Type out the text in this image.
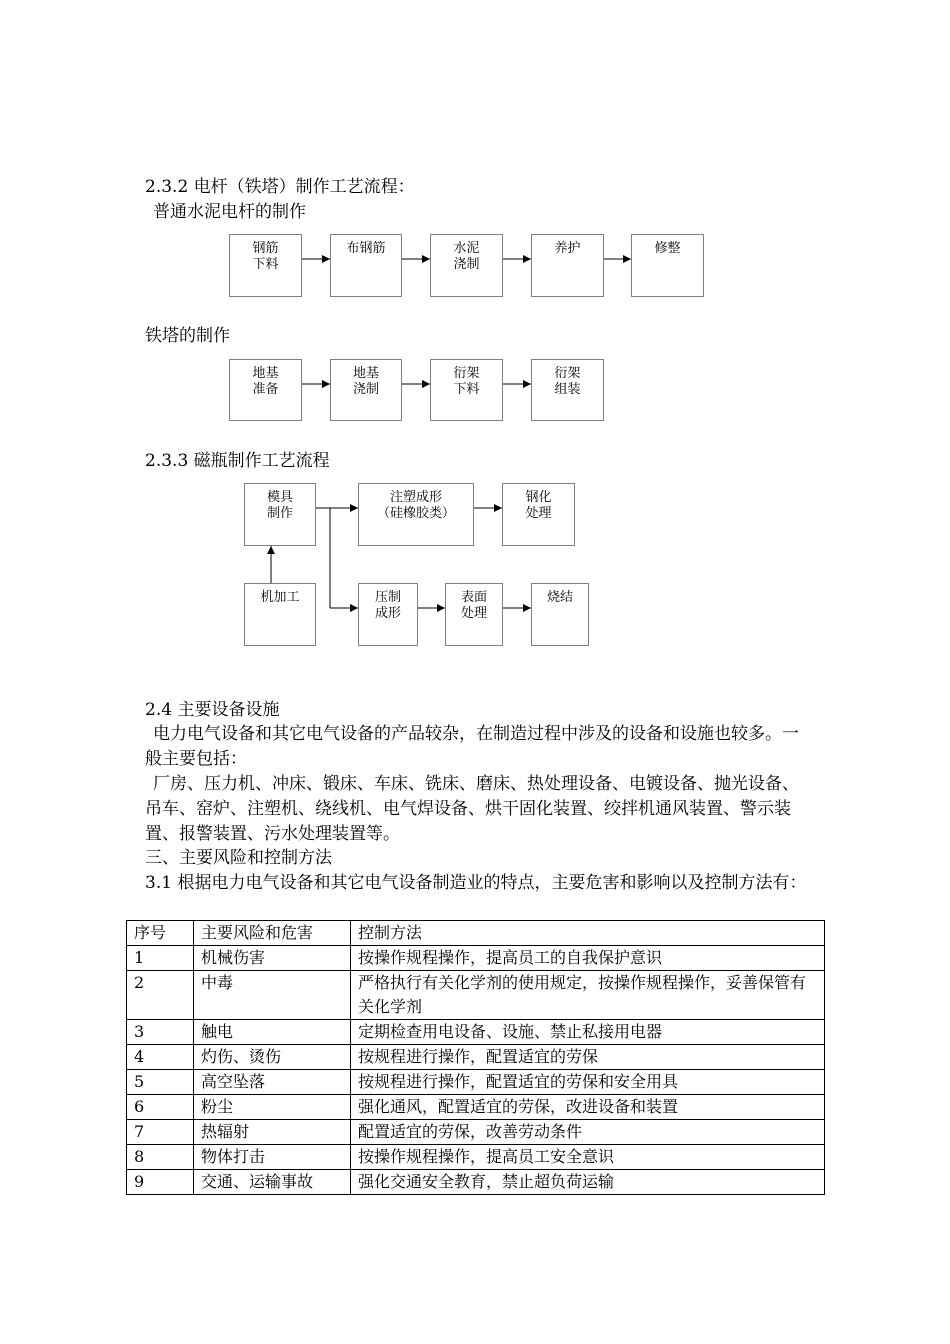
2.3.2 电杆（铁塔）制作工艺流程：
普通水泥电杆的制作
钢筋
下料
布钢筋	水泥
浇制
养护	修整
铁塔的制作
地基
准备
地基
浇制
衍架
下料
衍架
组装
2.3.3 磁瓶制作工艺流程
模具
制作
注塑成形
（硅橡胶类）
钢化
处理
机加工	压制
成形
表面
处理
烧结
2.4 主要设备设施
电力电气设备和其它电气设备的产品较杂，在制造过程中涉及的设备和设施也较多。一般主要包括：
厂房、压力机、冲床、锻床、车床、铣床、磨床、热处理设备、电镀设备、抛光设备、吊车、窑炉、注塑机、绕线机、电气焊设备、烘干固化装置、绞拌机通风装置、警示装置、报警装置、污水处理装置等。
三、主要风险和控制方法
3.1 根据电力电气设备和其它电气设备制造业的特点，主要危害和影响以及控制方法有：
序号	主要风险和危害	控制方法
1	机械伤害	按操作规程操作，提高员工的自我保护意识
2	中毒	严格执行有关化学剂的使用规定，按操作规程操作，妥善保管有关化学剂
3	触电	定期检查用电设备、设施、禁止私接用电器
4	灼伤、烫伤	按规程进行操作，配置适宜的劳保
5	高空坠落	按规程进行操作，配置适宜的劳保和安全用具
6	粉尘	强化通风，配置适宜的劳保，改进设备和装置
7	热辐射	配置适宜的劳保，改善劳动条件
8	物体打击	按操作规程操作，提高员工安全意识
9	交通、运输事故	强化交通安全教育，禁止超负荷运输
